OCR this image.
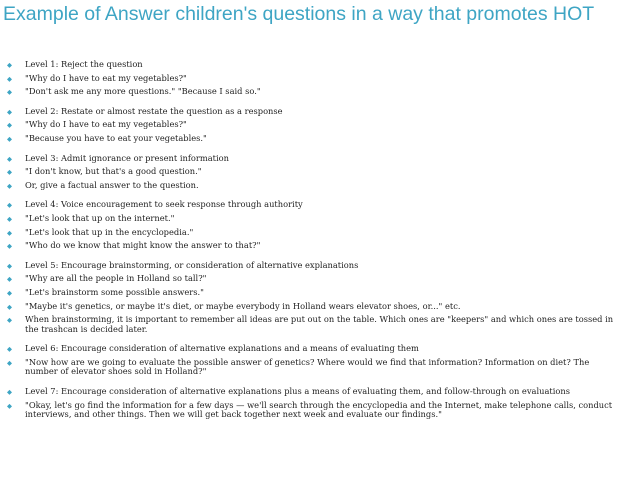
Example of Answer children's questions in a way that promotes HOT
◆ Level 1: Reject the question
◆ "Why do I have to eat my vegetables?"
◆ "Don't ask me any more questions." "Because I said so."
◆ Level 2: Restate or almost restate the question as a response
◆ "Why do I have to eat my vegetables?"
◆ "Because you have to eat your vegetables."
◆ Level 3: Admit ignorance or present information
◆ "I don't know, but that's a good question."
◆ Or, give a factual answer to the question.
◆ Level 4: Voice encouragement to seek response through authority
◆ "Let's look that up on the internet."
◆ "Let's look that up in the encyclopedia."
◆ "Who do we know that might know the answer to that?"
◆ Level 5: Encourage brainstorming, or consideration of alternative explanations
◆ "Why are all the people in Holland so tall?"
◆ "Let's brainstorm some possible answers."
◆ "Maybe it's genetics, or maybe it's diet, or maybe everybody in Holland wears elevator shoes, or..." etc.
◆ When brainstorming, it is important to remember all ideas are put out on the table. Which ones are "keepers" and which ones are tossed in the trashcan is decided later.
◆ Level 6: Encourage consideration of alternative explanations and a means of evaluating them
◆ "Now how are we going to evaluate the possible answer of genetics? Where would we find that information? Information on diet? The number of elevator shoes sold in Holland?"
◆ Level 7: Encourage consideration of alternative explanations plus a means of evaluating them, and follow-through on evaluations
◆ "Okay, let's go find the information for a few days — we'll search through the encyclopedia and the Internet, make telephone calls, conduct interviews, and other things. Then we will get back together next week and evaluate our findings."
